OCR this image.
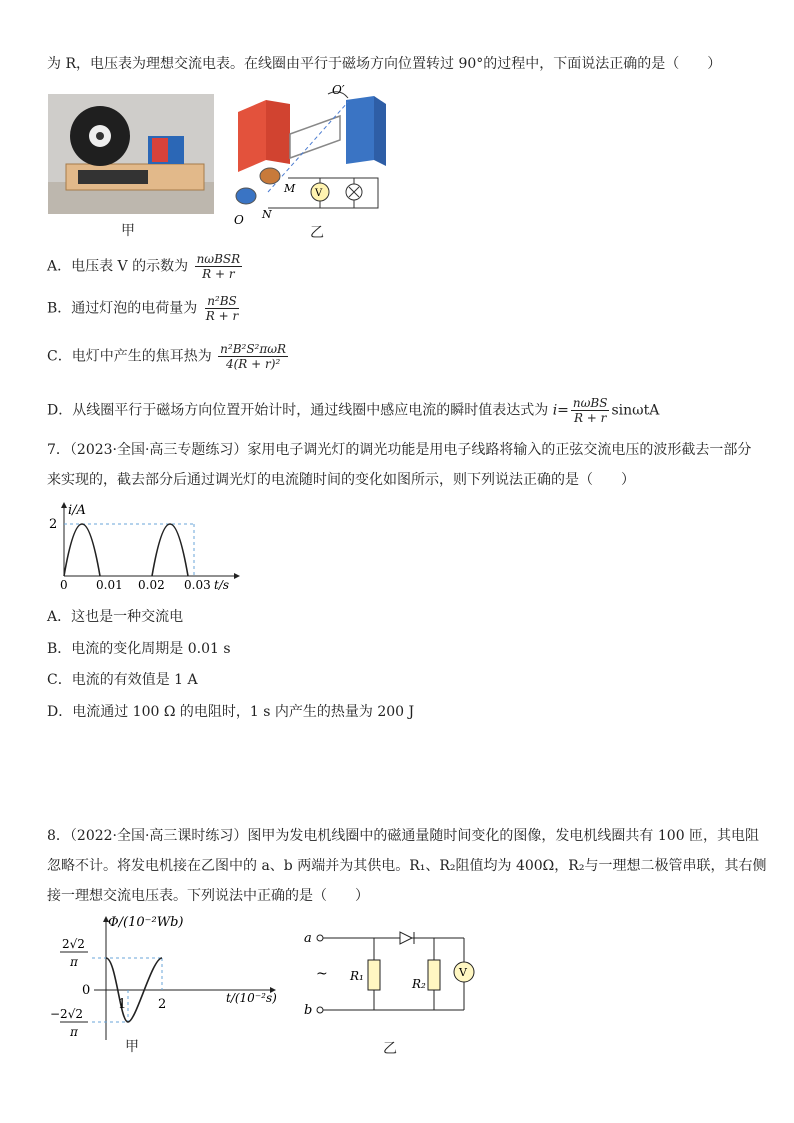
为 R，电压表为理想交流电表。在线圈由平行于磁场方向位置转过 90°的过程中，下面说法正确的是（　　）
甲
V
O′
M
N
O
乙
A．电压表 V 的示数为 $\frac{\text{nωBSR}}{R + r}$
B．通过灯泡的电荷量为 $\frac{\text{n²BS}}{R + r}$
C．电灯中产生的焦耳热为 $\frac{\text{n²B²S²πωR}}{\text{4(R + r)²}}$
D．从线圈平行于磁场方向位置开始计时，通过线圈中感应电流的瞬时值表达式为 $i= \frac{\text{nωBS}}{R + r}$ sinωtA
7．（2023·全国·高三专题练习）家用电子调光灯的调光功能是用电子线路将输入的正弦交流电压的波形截去一部分
来实现的，截去部分后通过调光灯的电流随时间的变化如图所示，则下列说法正确的是（　　）
i/A
2
0 0.01 0.02 0.03 t/s
A．这也是一种交流电
B．电流的变化周期是 0.01 s
C．电流的有效值是 1 A
D．电流通过 100 Ω 的电阻时，1 s 内产生的热量为 200 J
8．（2022·全国·高三课时练习）图甲为发电机线圈中的磁通量随时间变化的图像，发电机线圈共有 100 匝，其电阻
忽略不计。将发电机接在乙图中的 a、b 两端并为其供电。R₁、R₂阻值均为 400Ω，R₂与一理想二极管串联，其右侧
接一理想交流电压表。下列说法中正确的是（　　）
Φ/(10⁻²Wb)
2√2
π
−2√2
π
0
1 2	t/(10⁻²s)
甲
V
a
b
~ R₁
R₂
乙
